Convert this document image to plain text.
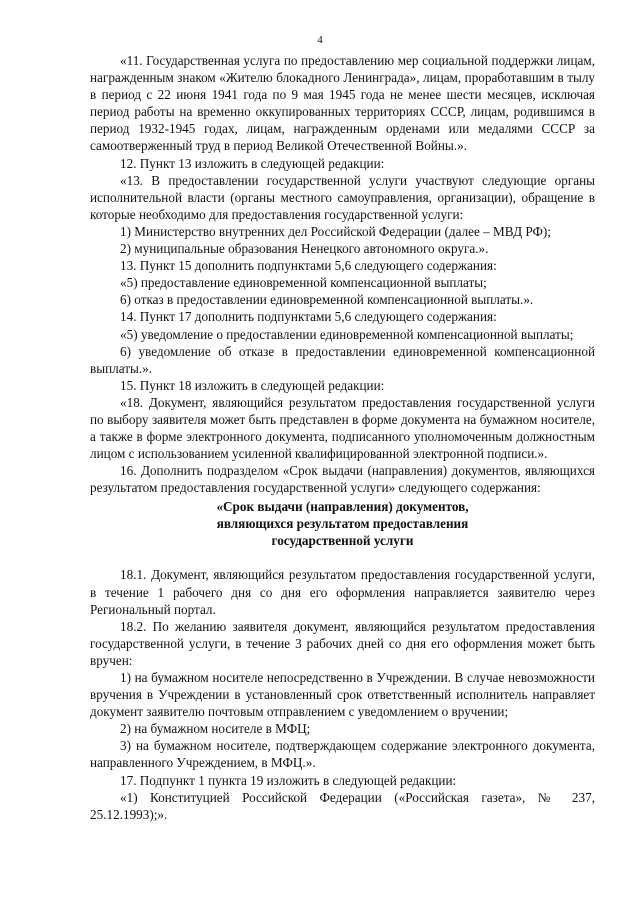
4

«11. Государственная услуга по предоставлению мер социальной поддержки лицам, награжденным знаком «Жителю блокадного Ленинграда», лицам, проработавшим в тылу в период с 22 июня 1941 года по 9 мая 1945 года не менее шести месяцев, исключая период работы на временно оккупированных территориях СССР, лицам, родившимся в период 1932-1945 годах, лицам, награжденным орденами или медалями СССР за самоотверженный труд в период Великой Отечественной Войны.».

12. Пункт 13 изложить в следующей редакции:

«13. В предоставлении государственной услуги участвуют следующие органы исполнительной власти (органы местного самоуправления, организации), обращение в которые необходимо для предоставления государственной услуги:

1) Министерство внутренних дел Российской Федерации (далее – МВД РФ);

2) муниципальные образования Ненецкого автономного округа.».

13. Пункт 15 дополнить подпунктами 5,6 следующего содержания:

«5) предоставление единовременной компенсационной выплаты;

6) отказ в предоставлении единовременной компенсационной выплаты.».

14. Пункт 17 дополнить подпунктами 5,6 следующего содержания:

«5) уведомление о предоставлении единовременной компенсационной выплаты;

6) уведомление об отказе в предоставлении единовременной компенсационной выплаты.».

15. Пункт 18 изложить в следующей редакции:

«18. Документ, являющийся результатом предоставления государственной услуги по выбору заявителя может быть представлен в форме документа на бумажном носителе, а также в форме электронного документа, подписанного уполномоченным должностным лицом с использованием усиленной квалифицированной электронной подписи.».

16. Дополнить подразделом «Срок выдачи (направления) документов, являющихся результатом предоставления государственной услуги» следующего содержания:

«Срок выдачи (направления) документов,
являющихся результатом предоставления
государственной услуги

18.1. Документ, являющийся результатом предоставления государственной услуги, в течение 1 рабочего дня со дня его оформления направляется заявителю через Региональный портал.

18.2. По желанию заявителя документ, являющийся результатом предоставления государственной услуги, в течение 3 рабочих дней со дня его оформления может быть вручен:

1) на бумажном носителе непосредственно в Учреждении. В случае невозможности вручения в Учреждении в установленный срок ответственный исполнитель направляет документ заявителю почтовым отправлением с уведомлением о вручении;

2) на бумажном носителе в МФЦ;

3) на бумажном носителе, подтверждающем содержание электронного документа, направленного Учреждением, в МФЦ.».

17. Подпункт 1 пункта 19 изложить в следующей редакции:

«1) Конституцией Российской Федерации («Российская газета», № 237, 25.12.1993);».
